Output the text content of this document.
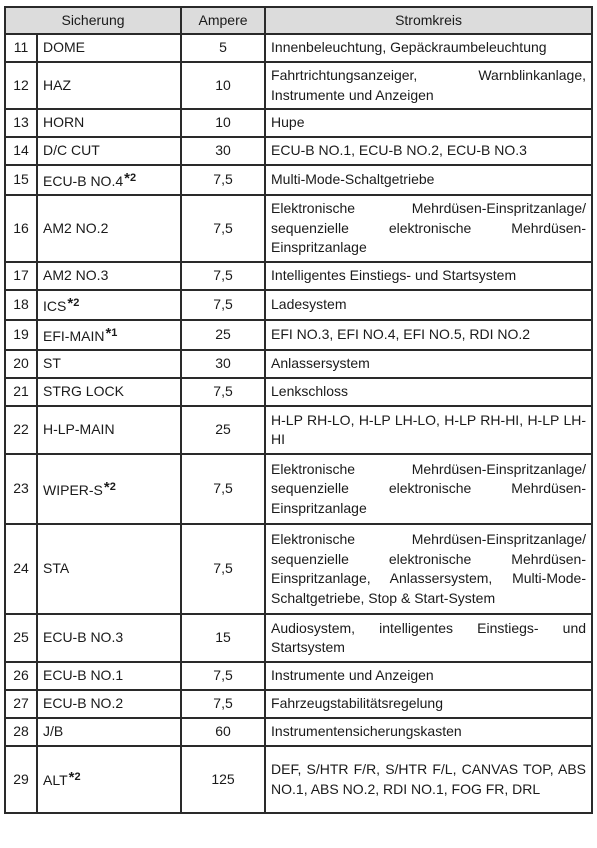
Sicherung		Ampere	Stromkreis
11	DOME	5	Innenbeleuchtung, Gepäckraumbeleuchtung
12	HAZ	10	Fahrtrichtungsanzeiger, Warnblinkanlage, Instrumente und Anzeigen
13	HORN	10	Hupe
14	D/C CUT	30	ECU-B NO.1, ECU-B NO.2, ECU-B NO.3
15	ECU-B NO.4$^{*2}$	7,5	Multi-Mode-Schaltgetriebe
16	AM2 NO.2	7,5	Elektronische Mehrdüsen-Einspritzanlage/ sequenzielle elektronische Mehrdüsen-Einspritzanlage
17	AM2 NO.3	7,5	Intelligentes Einstiegs- und Startsystem
18	ICS$^{*2}$	7,5	Ladesystem
19	EFI-MAIN$^{*1}$	25	EFI NO.3, EFI NO.4, EFI NO.5, RDI NO.2
20	ST	30	Anlassersystem
21	STRG LOCK	7,5	Lenkschloss
22	H-LP-MAIN	25	H-LP RH-LO, H-LP LH-LO, H-LP RH-HI, H-LP LH-HI
23	WIPER-$S^{*2}$	7,5	Elektronische Mehrdüsen-Einspritzanlage/ sequenzielle elektronische Mehrdüsen-Einspritzanlage
24	STA	7,5	Elektronische Mehrdüsen-Einspritzanlage/ sequenzielle elektronische Mehrdüsen-Einspritzanlage, Anlassersystem, Multi-Mode-Schaltgetriebe, Stop & Start-System
25	ECU-B NO.3	15	Audiosystem, intelligentes Einstiegs- und Startsystem
26	ECU-B NO.1	7,5	Instrumente und Anzeigen
27	ECU-B NO.2	7,5	Fahrzeugstabilitätsregelung
28	J/B	60	Instrumentensicherungskasten
29	ALT$^{*2}$	125	DEF, S/HTR F/R, S/HTR F/L, CANVAS TOP, ABS NO.1, ABS NO.2, RDI NO.1, FOG FR, DRL
